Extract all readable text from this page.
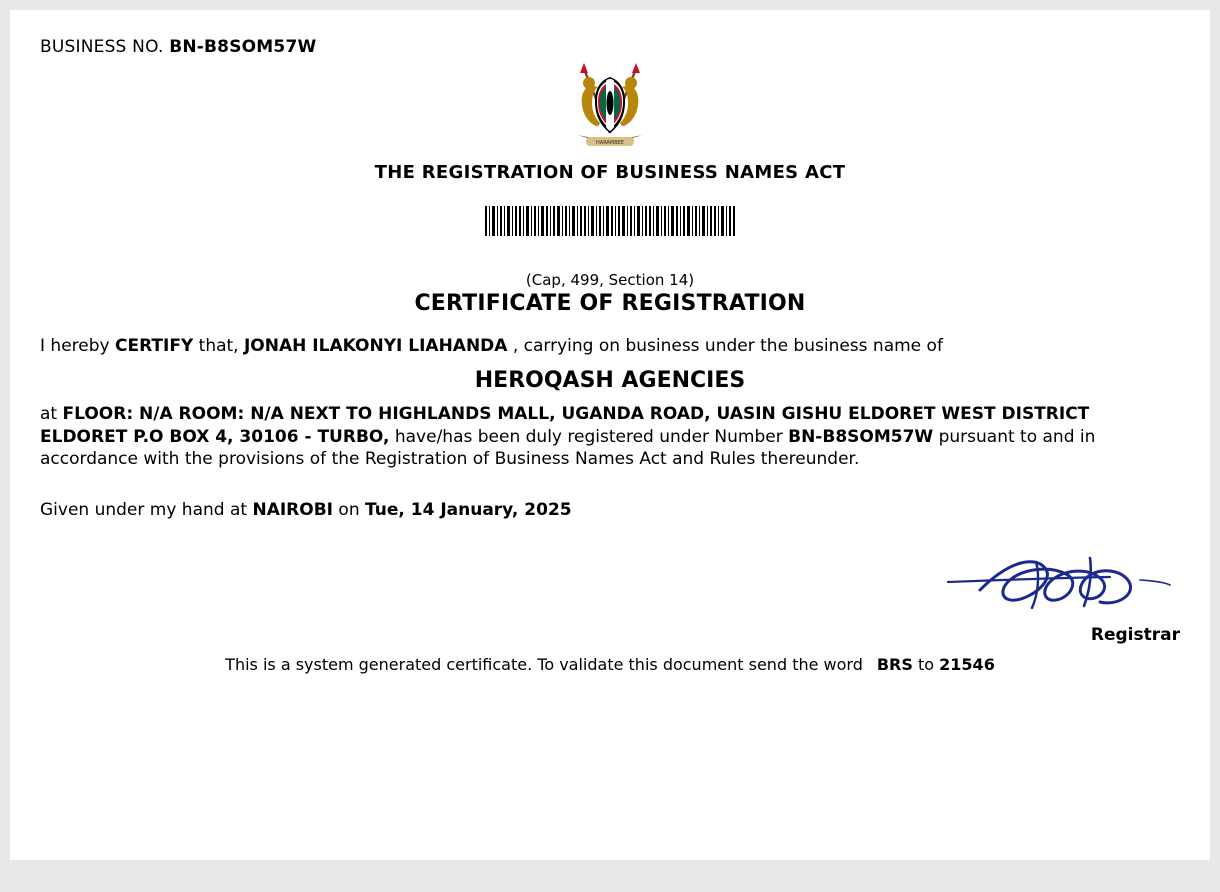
BUSINESS NO. BN-B8SOM57W
HARAMBEE
THE REGISTRATION OF BUSINESS NAMES ACT
(Cap, 499, Section 14)
CERTIFICATE OF REGISTRATION
I hereby CERTIFY that, JONAH ILAKONYI LIAHANDA , carrying on business under the business name of
HEROQASH AGENCIES
at FLOOR: N/A ROOM: N/A NEXT TO HIGHLANDS MALL, UGANDA ROAD, UASIN GISHU ELDORET WEST DISTRICT ELDORET P.O BOX 4, 30106 - TURBO, have/has been duly registered under Number BN-B8SOM57W pursuant to and in accordance with the provisions of the Registration of Business Names Act and Rules thereunder.
Given under my hand at NAIROBI on Tue, 14 January, 2025
Registrar
This is a system generated certificate. To validate this document send the word BRS to 21546
